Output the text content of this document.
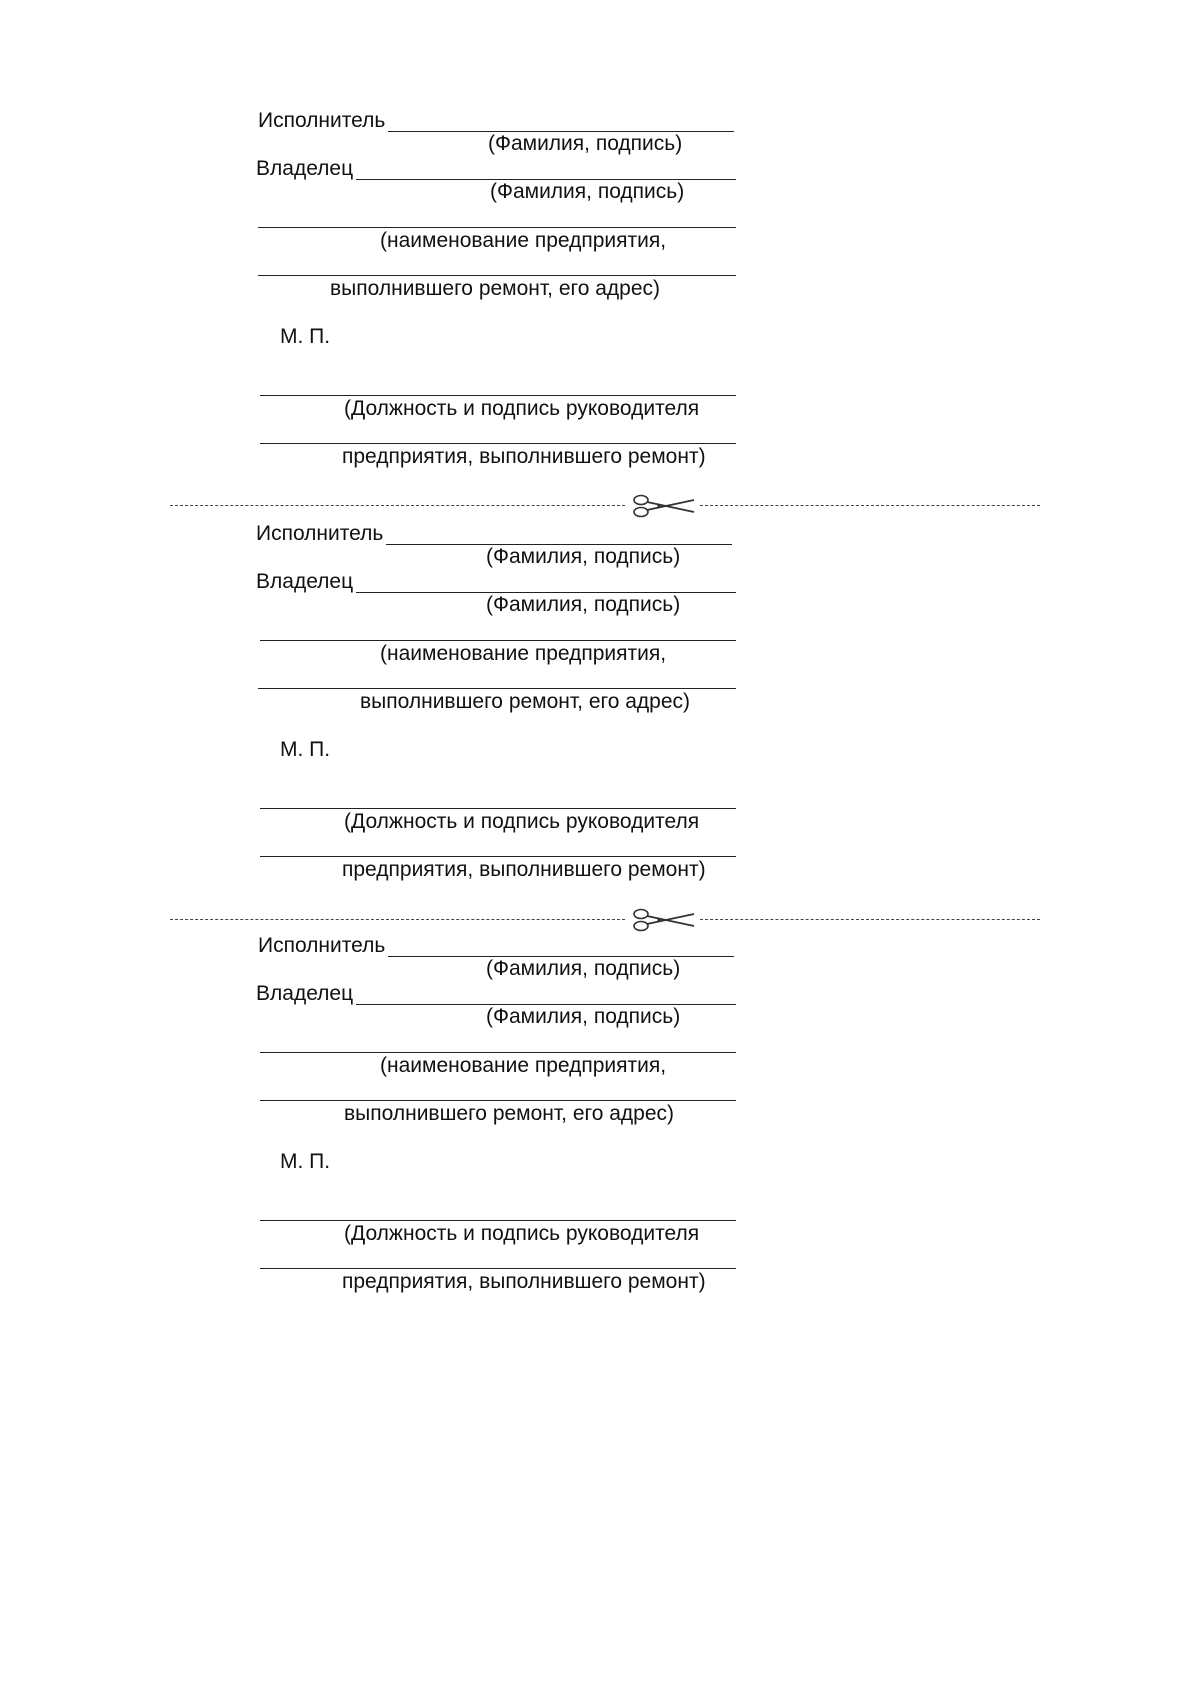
Исполнитель
(Фамилия, подпись)
Владелец
(Фамилия, подпись)
(наименование предприятия,
выполнившего ремонт, его адрес)
М. П.
(Должность и подпись руководителя
предприятия, выполнившего ремонт)
Исполнитель
(Фамилия, подпись)
Владелец
(Фамилия, подпись)
(наименование предприятия,
выполнившего ремонт, его адрес)
М. П.
(Должность и подпись руководителя
предприятия, выполнившего ремонт)
Исполнитель
(Фамилия, подпись)
Владелец
(Фамилия, подпись)
(наименование предприятия,
выполнившего ремонт, его адрес)
М. П.
(Должность и подпись руководителя
предприятия, выполнившего ремонт)
